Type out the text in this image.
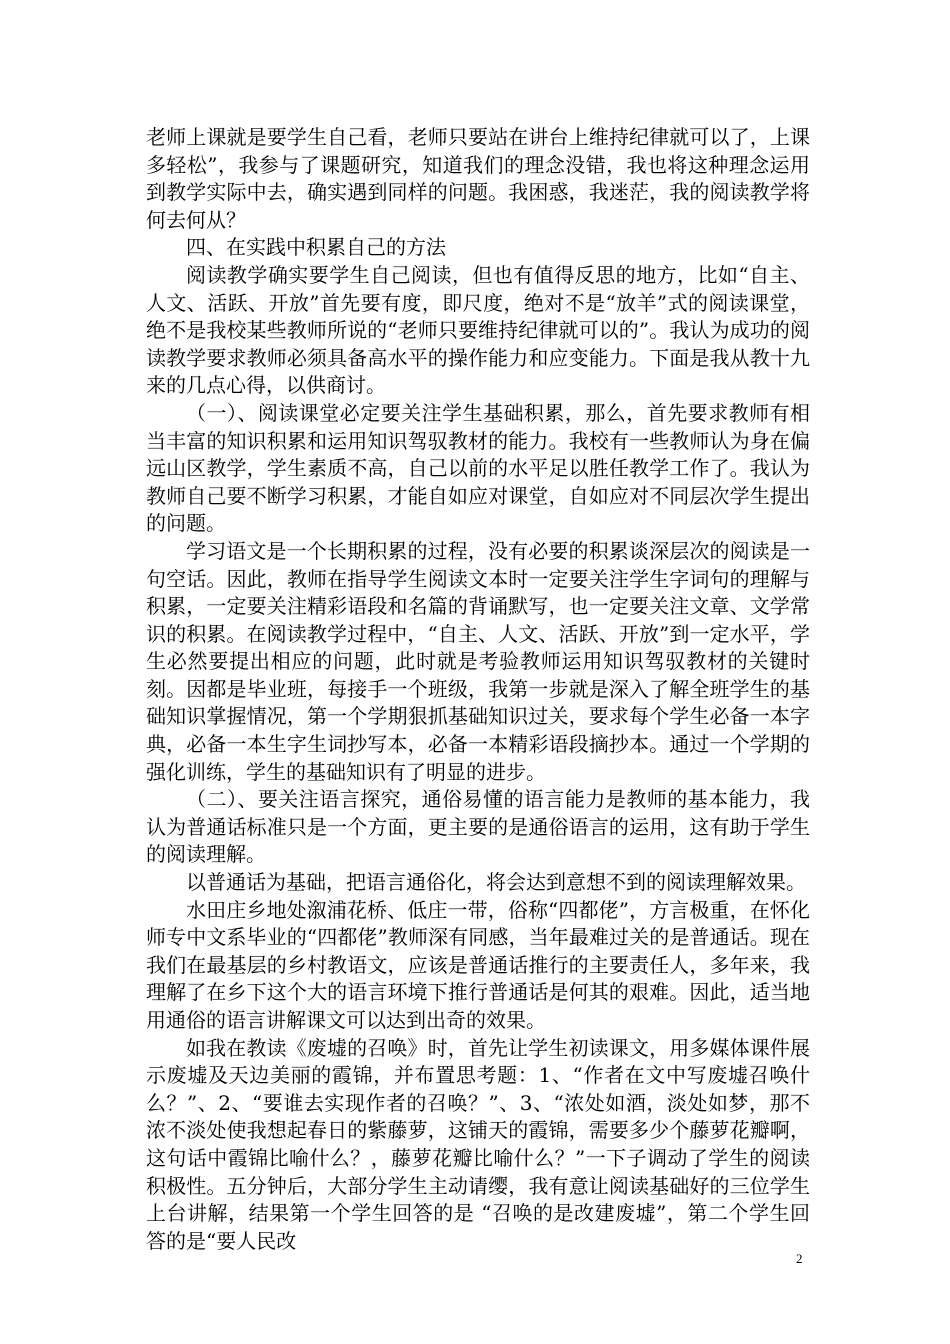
老师上课就是要学生自己看，老师只要站在讲台上维持纪律就可以了，上课多轻松”，我参与了课题研究，知道我们的理念没错，我也将这种理念运用到教学实际中去，确实遇到同样的问题。我困惑，我迷茫，我的阅读教学将何去何从？

四、在实践中积累自己的方法

阅读教学确实要学生自己阅读，但也有值得反思的地方，比如“自主、人文、活跃、开放”首先要有度，即尺度，绝对不是“放羊”式的阅读课堂，绝不是我校某些教师所说的“老师只要维持纪律就可以的”。我认为成功的阅读教学要求教师必须具备高水平的操作能力和应变能力。下面是我从教十九来的几点心得，以供商讨。

（一）、阅读课堂必定要关注学生基础积累，那么，首先要求教师有相当丰富的知识积累和运用知识驾驭教材的能力。我校有一些教师认为身在偏远山区教学，学生素质不高，自己以前的水平足以胜任教学工作了。我认为教师自己要不断学习积累，才能自如应对课堂，自如应对不同层次学生提出的问题。

学习语文是一个长期积累的过程，没有必要的积累谈深层次的阅读是一句空话。因此，教师在指导学生阅读文本时一定要关注学生字词句的理解与积累，一定要关注精彩语段和名篇的背诵默写，也一定要关注文章、文学常识的积累。在阅读教学过程中，“自主、人文、活跃、开放”到一定水平，学生必然要提出相应的问题，此时就是考验教师运用知识驾驭教材的关键时刻。因都是毕业班，每接手一个班级，我第一步就是深入了解全班学生的基础知识掌握情况，第一个学期狠抓基础知识过关，要求每个学生必备一本字典，必备一本生字生词抄写本，必备一本精彩语段摘抄本。通过一个学期的强化训练，学生的基础知识有了明显的进步。

（二）、要关注语言探究，通俗易懂的语言能力是教师的基本能力，我认为普通话标准只是一个方面，更主要的是通俗语言的运用，这有助于学生的阅读理解。

以普通话为基础，把语言通俗化，将会达到意想不到的阅读理解效果。

水田庄乡地处溆浦花桥、低庄一带，俗称“四都佬”，方言极重，在怀化师专中文系毕业的“四都佬”教师深有同感，当年最难过关的是普通话。现在我们在最基层的乡村教语文，应该是普通话推行的主要责任人，多年来，我理解了在乡下这个大的语言环境下推行普通话是何其的艰难。因此，适当地用通俗的语言讲解课文可以达到出奇的效果。

如我在教读《废墟的召唤》时，首先让学生初读课文，用多媒体课件展示废墟及天边美丽的霞锦，并布置思考题：1、“作者在文中写废墟召唤什么？”、2、“要谁去实现作者的召唤？”、3、“浓处如酒，淡处如梦，那不浓不淡处使我想起春日的紫藤萝，这铺天的霞锦，需要多少个藤萝花瓣啊，这句话中霞锦比喻什么？，藤萝花瓣比喻什么？”一下子调动了学生的阅读积极性。五分钟后，大部分学生主动请缨，我有意让阅读基础好的三位学生上台讲解，结果第一个学生回答的是 “召唤的是改建废墟”，第二个学生回答的是“要人民改

2
